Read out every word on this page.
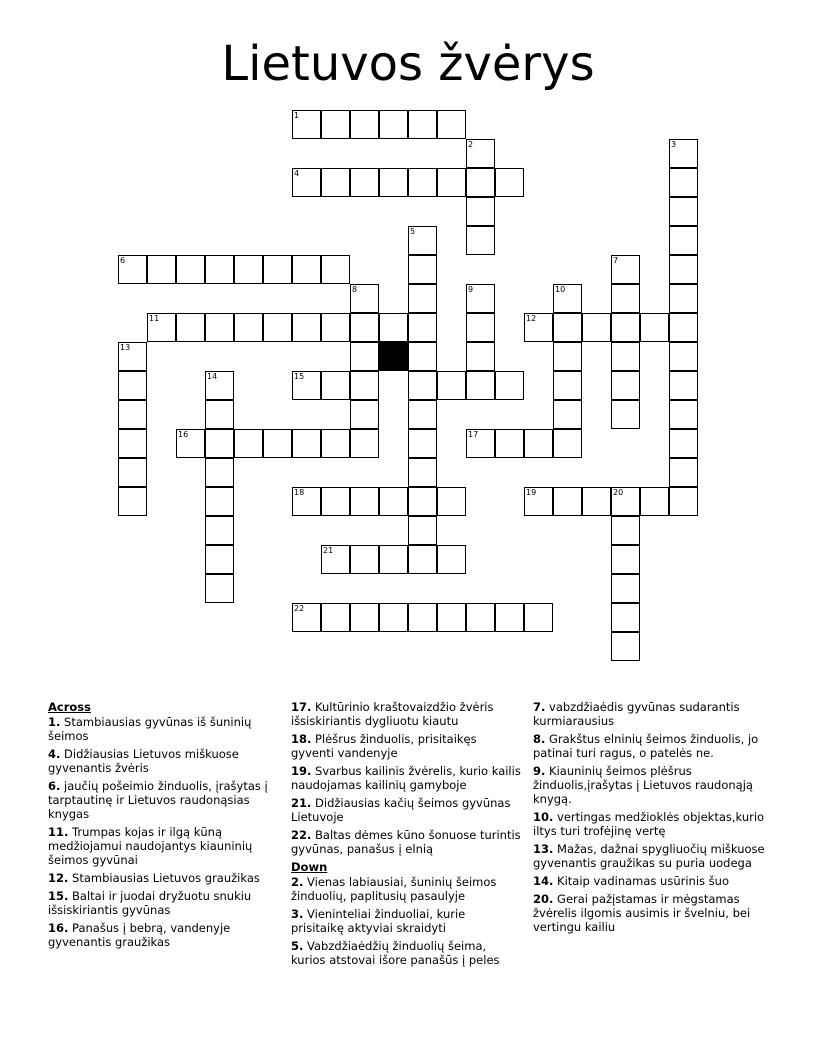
Lietuvos žvėrys
1
2	3
4
5
6	7
8	9	10
11	12
13
14	15
16	17
18	19	20
21
22
Across
1. Stambiausias gyvūnas iš šuninių šeimos
4. Didžiausias Lietuvos miškuose gyvenantis žvėris
6. jaučių pošeimio žinduolis, įrašytas į tarptautinę ir Lietuvos raudonąsias knygas
11. Trumpas kojas ir ilgą kūną medžiojamui naudojantys kiauninių šeimos gyvūnai
12. Stambiausias Lietuvos graužikas
15. Baltai ir juodai dryžuotu snukiu išsiskiriantis gyvūnas
16. Panašus į bebrą, vandenyje gyvenantis graužikas
17. Kultūrinio kraštovaizdžio žvėris išsiskiriantis dygliuotu kiautu
18. Plėšrus žinduolis, prisitaikęs gyventi vandenyje
19. Svarbus kailinis žvėrelis, kurio kailis naudojamas kailinių gamyboje
21. Didžiausias kačių šeimos gyvūnas Lietuvoje
22. Baltas dėmes kūno šonuose turintis gyvūnas, panašus į elnią
Down
2. Vienas labiausiai, šuninių šeimos žinduolių, paplitusių pasaulyje
3. Vieninteliai žinduoliai, kurie prisitaikę aktyviai skraidyti
5. Vabzdžiaėdžių žinduolių šeima, kurios atstovai išore panašūs į peles
7. vabzdžiaėdis gyvūnas sudarantis kurmiarausius
8. Grakštus elninių šeimos žinduolis, jo patinai turi ragus, o patelės ne.
9. Kiauninių šeimos plėšrus žinduolis,įrašytas į Lietuvos raudonąją knygą.
10. vertingas medžioklės objektas,kurio iltys turi trofėjinę vertę
13. Mažas, dažnai spygliuočių miškuose gyvenantis graužikas su puria uodega
14. Kitaip vadinamas usūrinis šuo
20. Gerai pažįstamas ir mėgstamas žvėrelis ilgomis ausimis ir švelniu, bei vertingu kailiu
